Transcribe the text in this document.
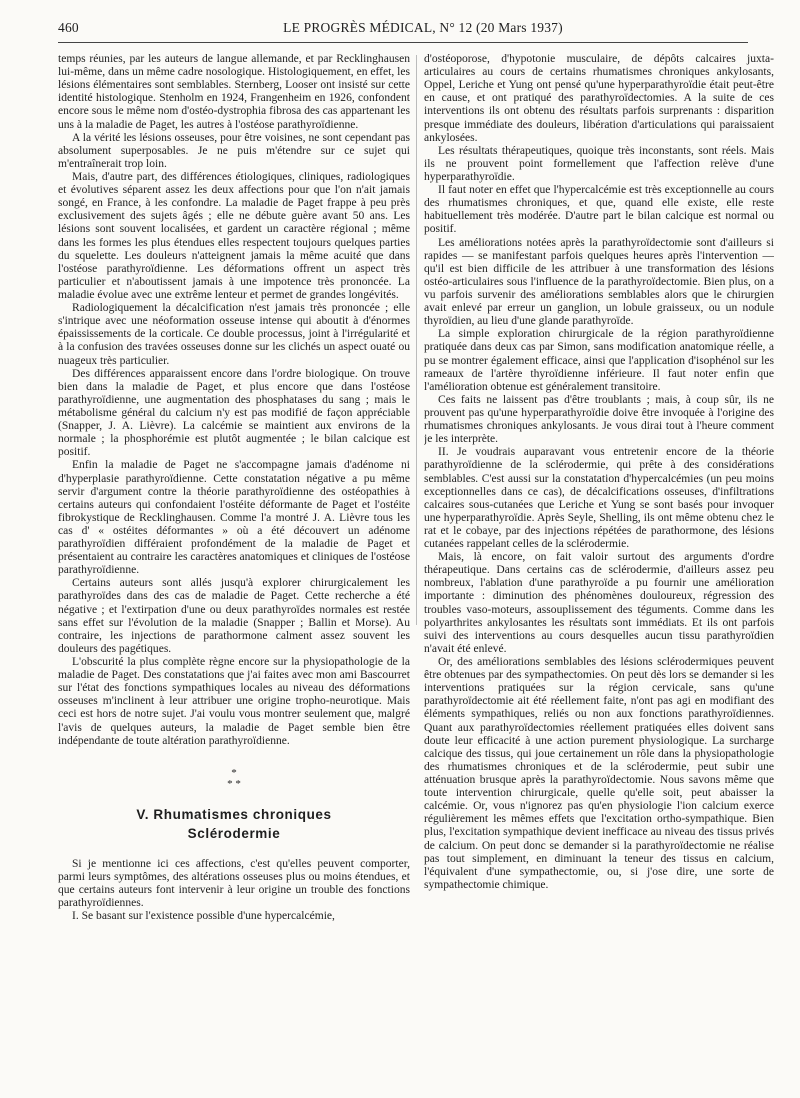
460	LE PROGRÈS MÉDICAL, N° 12 (20 Mars 1937)

temps réunies, par les auteurs de langue allemande, et par Recklinghausen lui-même, dans un même cadre nosologique. Histologiquement, en effet, les lésions élémentaires sont semblables. Sternberg, Looser ont insisté sur cette identité histologique. Stenholm en 1924, Frangenheim en 1926, confondent encore sous le même nom d'ostéo-dystrophia fibrosa des cas appartenant les uns à la maladie de Paget, les autres à l'ostéose parathyroïdienne.

A la vérité les lésions osseuses, pour être voisines, ne sont cependant pas absolument superposables. Je ne puis m'étendre sur ce sujet qui m'entraînerait trop loin.

Mais, d'autre part, des différences étiologiques, cliniques, radiologiques et évolutives séparent assez les deux affections pour que l'on n'ait jamais songé, en France, à les confondre. La maladie de Paget frappe à peu près exclusivement des sujets âgés ; elle ne débute guère avant 50 ans. Les lésions sont souvent localisées, et gardent un caractère régional ; même dans les formes les plus étendues elles respectent toujours quelques parties du squelette. Les douleurs n'atteignent jamais la même acuité que dans l'ostéose parathyroïdienne. Les déformations offrent un aspect très particulier et n'aboutissent jamais à une impotence très prononcée. La maladie évolue avec une extrême lenteur et permet de grandes longévités.

Radiologiquement la décalcification n'est jamais très prononcée ; elle s'intrique avec une néoformation osseuse intense qui aboutit à d'énormes épaississements de la corticale. Ce double processus, joint à l'irrégularité et à la confusion des travées osseuses donne sur les clichés un aspect ouaté ou nuageux très particulier.

Des différences apparaissent encore dans l'ordre biologique. On trouve bien dans la maladie de Paget, et plus encore que dans l'ostéose parathyroïdienne, une augmentation des phosphatases du sang ; mais le métabolisme général du calcium n'y est pas modifié de façon appréciable (Snapper, J. A. Lièvre). La calcémie se maintient aux environs de la normale ; la phosphorémie est plutôt augmentée ; le bilan calcique est positif.

Enfin la maladie de Paget ne s'accompagne jamais d'adénome ni d'hyperplasie parathyroïdienne. Cette constatation négative a pu même servir d'argument contre la théorie parathyroïdienne des ostéopathies à certains auteurs qui confondaient l'ostéite déformante de Paget et l'ostéite fibrokystique de Recklinghausen. Comme l'a montré J. A. Lièvre tous les cas d' « ostéites déformantes » où a été découvert un adénome parathyroïdien différaient profondément de la maladie de Paget et présentaient au contraire les caractères anatomiques et cliniques de l'ostéose parathyroïdienne.

Certains auteurs sont allés jusqu'à explorer chirurgicalement les parathyroïdes dans des cas de maladie de Paget. Cette recherche a été négative ; et l'extirpation d'une ou deux parathyroïdes normales est restée sans effet sur l'évolution de la maladie (Snapper ; Ballin et Morse). Au contraire, les injections de parathormone calment assez souvent les douleurs des pagétiques.

L'obscurité la plus complète règne encore sur la physiopathologie de la maladie de Paget. Des constatations que j'ai faites avec mon ami Bascourret sur l'état des fonctions sympathiques locales au niveau des déformations osseuses m'inclinent à leur attribuer une origine tropho-neurotique. Mais ceci est hors de notre sujet. J'ai voulu vous montrer seulement que, malgré l'avis de quelques auteurs, la maladie de Paget semble bien être indépendante de toute altération parathyroïdienne.

*
* *
V. Rhumatismes chroniques
Sclérodermie

Si je mentionne ici ces affections, c'est qu'elles peuvent comporter, parmi leurs symptômes, des altérations osseuses plus ou moins étendues, et que certains auteurs font intervenir à leur origine un trouble des fonctions parathyroïdiennes.

I. Se basant sur l'existence possible d'une hypercalcémie,

d'ostéoporose, d'hypotonie musculaire, de dépôts calcaires juxta-articulaires au cours de certains rhumatismes chroniques ankylosants, Oppel, Leriche et Yung ont pensé qu'une hyperparathyroïdie était peut-être en cause, et ont pratiqué des parathyroïdectomies. A la suite de ces interventions ils ont obtenu des résultats parfois surprenants : disparition presque immédiate des douleurs, libération d'articulations qui paraissaient ankylosées.

Les résultats thérapeutiques, quoique très inconstants, sont réels. Mais ils ne prouvent point formellement que l'affection relève d'une hyperparathyroïdie.

Il faut noter en effet que l'hypercalcémie est très exceptionnelle au cours des rhumatismes chroniques, et que, quand elle existe, elle reste habituellement très modérée. D'autre part le bilan calcique est normal ou positif.

Les améliorations notées après la parathyroïdectomie sont d'ailleurs si rapides — se manifestant parfois quelques heures après l'intervention — qu'il est bien difficile de les attribuer à une transformation des lésions ostéo-articulaires sous l'influence de la parathyroïdectomie. Bien plus, on a vu parfois survenir des améliorations semblables alors que le chirurgien avait enlevé par erreur un ganglion, un lobule graisseux, ou un nodule thyroïdien, au lieu d'une glande parathyroïde.

La simple exploration chirurgicale de la région parathyroïdienne pratiquée dans deux cas par Simon, sans modification anatomique réelle, a pu se montrer également efficace, ainsi que l'application d'isophénol sur les rameaux de l'artère thyroïdienne inférieure. Il faut noter enfin que l'amélioration obtenue est généralement transitoire.

Ces faits ne laissent pas d'être troublants ; mais, à coup sûr, ils ne prouvent pas qu'une hyperparathyroïdie doive être invoquée à l'origine des rhumatismes chroniques ankylosants. Je vous dirai tout à l'heure comment je les interprète.

II. Je voudrais auparavant vous entretenir encore de la théorie parathyroïdienne de la sclérodermie, qui prête à des considérations semblables. C'est aussi sur la constatation d'hypercalcémies (un peu moins exceptionnelles dans ce cas), de décalcifications osseuses, d'infiltrations calcaires sous-cutanées que Leriche et Yung se sont basés pour invoquer une hyperparathyroïdie. Après Seyle, Shelling, ils ont même obtenu chez le rat et le cobaye, par des injections répétées de parathormone, des lésions cutanées rappelant celles de la sclérodermie.

Mais, là encore, on fait valoir surtout des arguments d'ordre thérapeutique. Dans certains cas de sclérodermie, d'ailleurs assez peu nombreux, l'ablation d'une parathyroïde a pu fournir une amélioration importante : diminution des phénomènes douloureux, régression des troubles vaso-moteurs, assouplissement des téguments. Comme dans les polyarthrites ankylosantes les résultats sont immédiats. Et ils ont parfois suivi des interventions au cours desquelles aucun tissu parathyroïdien n'avait été enlevé.

Or, des améliorations semblables des lésions sclérodermiques peuvent être obtenues par des sympathectomies. On peut dès lors se demander si les interventions pratiquées sur la région cervicale, sans qu'une parathyroïdectomie ait été réellement faite, n'ont pas agi en modifiant des éléments sympathiques, reliés ou non aux fonctions parathyroïdiennes. Quant aux parathyroïdectomies réellement pratiquées elles doivent sans doute leur efficacité à une action purement physiologique. La surcharge calcique des tissus, qui joue certainement un rôle dans la physiopathologie des rhumatismes chroniques et de la sclérodermie, peut subir une atténuation brusque après la parathyroïdectomie. Nous savons même que toute intervention chirurgicale, quelle qu'elle soit, peut abaisser la calcémie. Or, vous n'ignorez pas qu'en physiologie l'ion calcium exerce régulièrement les mêmes effets que l'excitation ortho-sympathique. Bien plus, l'excitation sympathique devient inefficace au niveau des tissus privés de calcium. On peut donc se demander si la parathyroïdectomie ne réalise pas tout simplement, en diminuant la teneur des tissus en calcium, l'équivalent d'une sympathectomie, ou, si j'ose dire, une sorte de sympathectomie chimique.
